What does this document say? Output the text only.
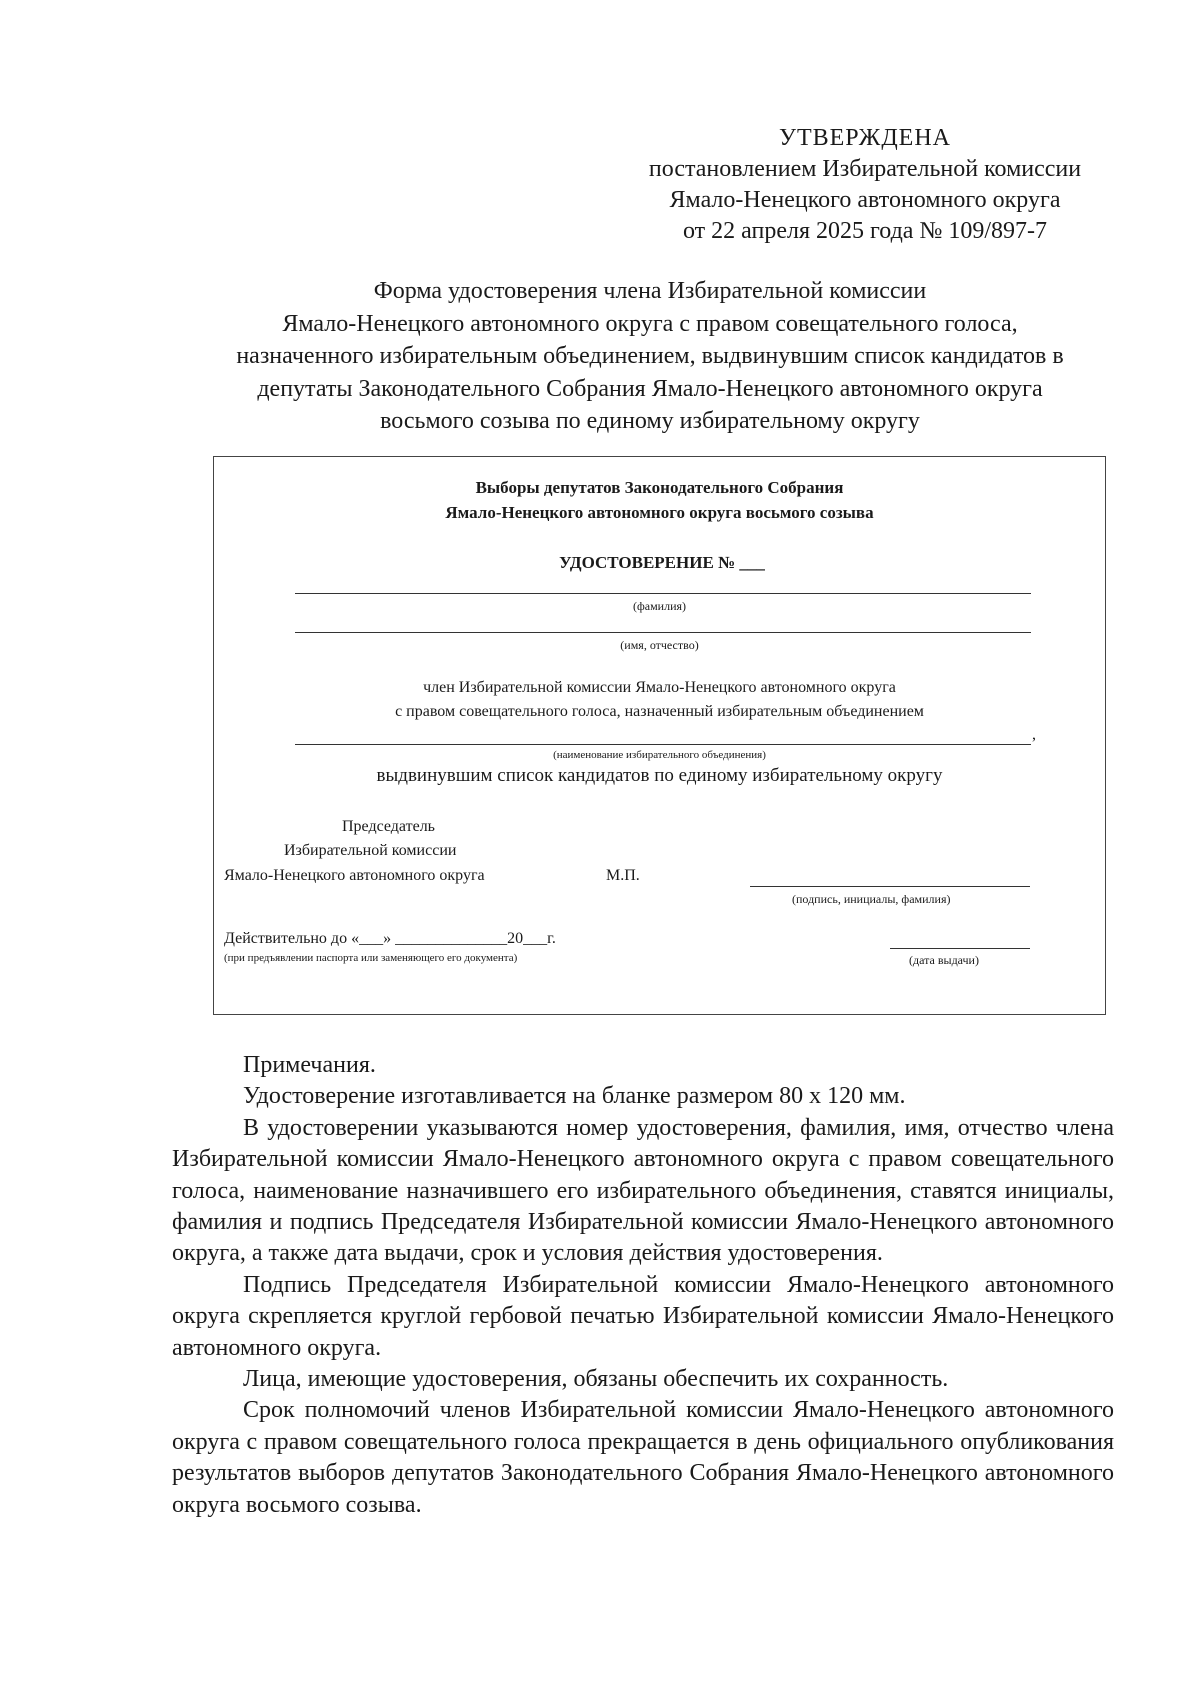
УТВЕРЖДЕНА
постановлением Избирательной комиссии
Ямало-Ненецкого автономного округа
от 22 апреля 2025 года № 109/897-7
Форма удостоверения члена Избирательной комиссии
Ямало-Ненецкого автономного округа с правом совещательного голоса,
назначенного избирательным объединением, выдвинувшим список кандидатов в
депутаты Законодательного Собрания Ямало-Ненецкого автономного округа
восьмого созыва по единому избирательному округу
Выборы депутатов Законодательного Собрания
Ямало-Ненецкого автономного округа восьмого созыва
УДОСТОВЕРЕНИЕ № ___
(фамилия)
(имя, отчество)
член Избирательной комиссии Ямало-Ненецкого автономного округа
с правом совещательного голоса, назначенный избирательным объединением
,
(наименование избирательного объединения)
выдвинувшим список кандидатов по единому избирательному округу
Председатель
Избирательной комиссии
Ямало-Ненецкого автономного округа	М.П.
(подпись, инициалы, фамилия)
Действительно до «___» ______________20___г.
(при предъявлении паспорта или заменяющего его документа)	(дата выдачи)

Примечания.

Удостоверение изготавливается на бланке размером 80 х 120 мм.

В удостоверении указываются номер удостоверения, фамилия, имя, отчество члена Избирательной комиссии Ямало-Ненецкого автономного округа с правом совещательного голоса, наименование назначившего его избирательного объединения, ставятся инициалы, фамилия и подпись Председателя Избирательной комиссии Ямало-Ненецкого автономного округа, а также дата выдачи, срок и условия действия удостоверения.

Подпись Председателя Избирательной комиссии Ямало-Ненецкого автономного округа скрепляется круглой гербовой печатью Избирательной комиссии Ямало-Ненецкого автономного округа.

Лица, имеющие удостоверения, обязаны обеспечить их сохранность.

Срок полномочий членов Избирательной комиссии Ямало-Ненецкого автономного округа с правом совещательного голоса прекращается в день официального опубликования результатов выборов депутатов Законодательного Собрания Ямало-Ненецкого автономного округа восьмого созыва.
